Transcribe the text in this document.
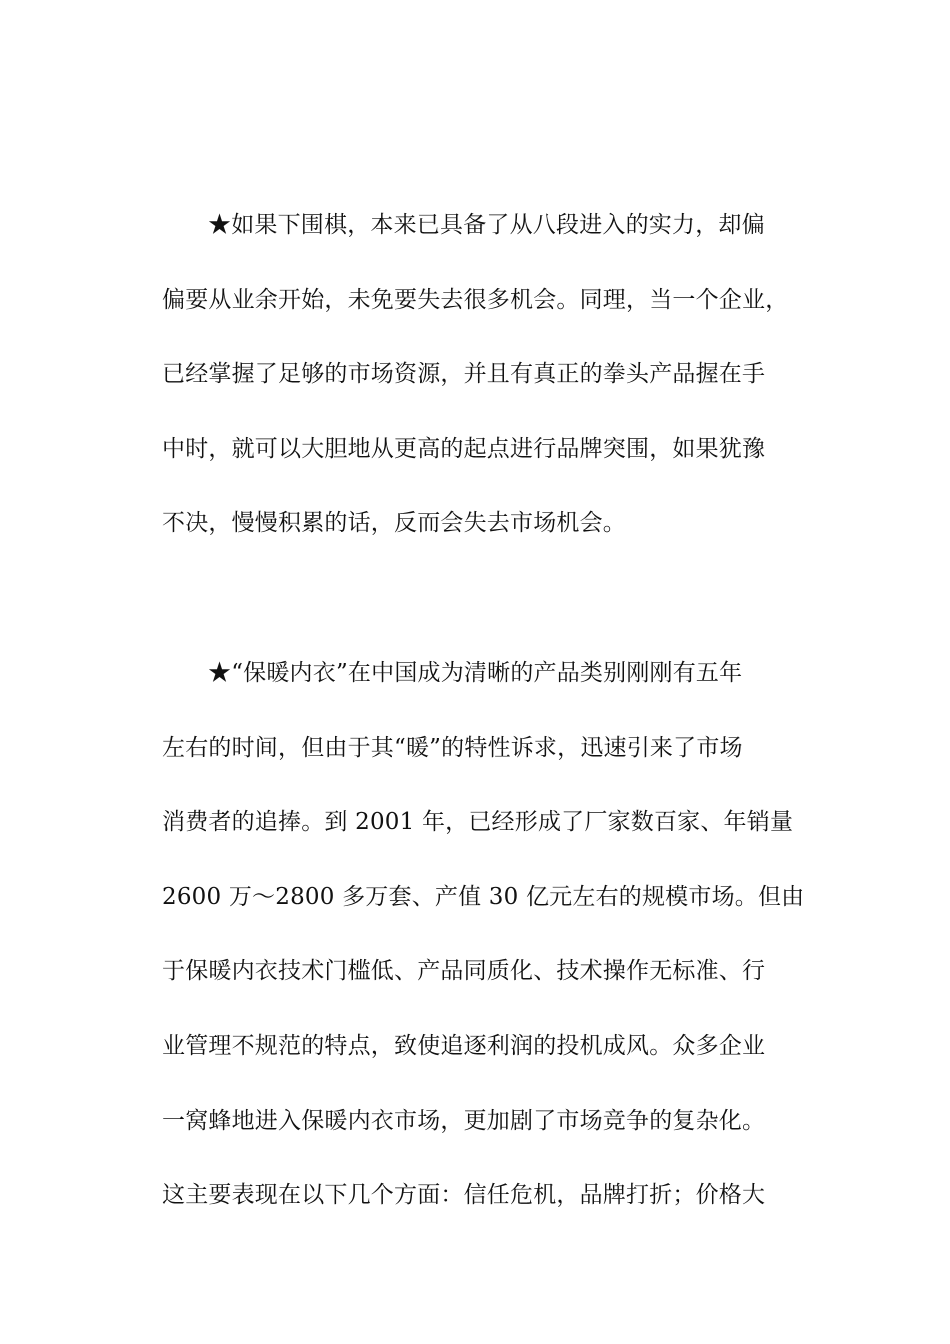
★如果下围棋，本来已具备了从八段进入的实力，却偏
偏要从业余开始，未免要失去很多机会。同理，当一个企业，
已经掌握了足够的市场资源，并且有真正的拳头产品握在手
中时，就可以大胆地从更高的起点进行品牌突围，如果犹豫
不决，慢慢积累的话，反而会失去市场机会。
★“保暖内衣”在中国成为清晰的产品类别刚刚有五年
左右的时间，但由于其“暖”的特性诉求，迅速引来了市场
消费者的追捧。到 2001 年，已经形成了厂家数百家、年销量
2600 万～2800 多万套、产值 30 亿元左右的规模市场。但由
于保暖内衣技术门槛低、产品同质化、技术操作无标准、行
业管理不规范的特点，致使追逐利润的投机成风。众多企业
一窝蜂地进入保暖内衣市场，更加剧了市场竞争的复杂化。
这主要表现在以下几个方面：信任危机，品牌打折；价格大
